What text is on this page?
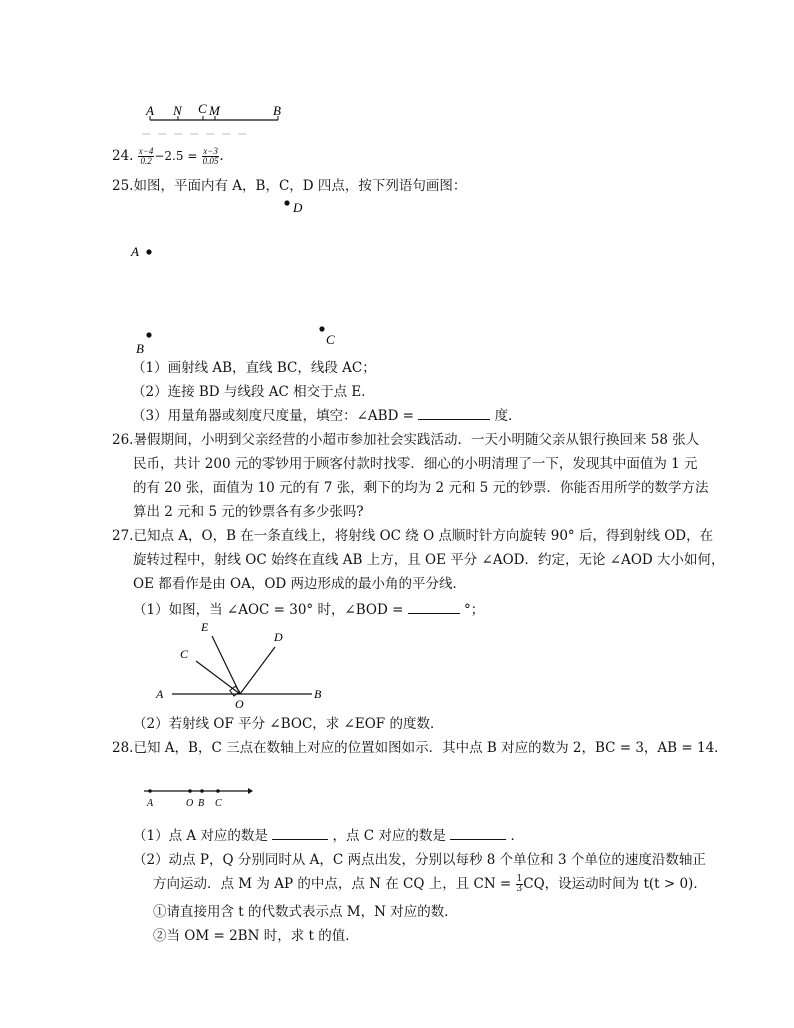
A N C M	B
24. $\frac{x-4}{0.2} -2.5 = \frac{x-3}{0.05}$ .
25.如图，平面内有 A，B，C，D 四点，按下列语句画图：
D
A
B
C
（1）画射线 AB，直线 BC，线段 AC；
（2）连接 BD 与线段 AC 相交于点 E．
（3）用量角器或刻度尺度量，填空：∠ABD =	度．
26.暑假期间，小明到父亲经营的小超市参加社会实践活动．一天小明随父亲从银行换回来 58 张人
民币，共计 200 元的零钞用于顾客付款时找零．细心的小明清理了一下，发现其中面值为 1 元
的有 20 张，面值为 10 元的有 7 张，剩下的均为 2 元和 5 元的钞票．你能否用所学的数学方法
算出 2 元和 5 元的钞票各有多少张吗?
27.已知点 A，O，B 在一条直线上，将射线 OC 绕 O 点顺时针方向旋转 90° 后，得到射线 OD，在
旋转过程中，射线 OC 始终在直线 AB 上方，且 OE 平分 ∠AOD．约定，无论 ∠AOD 大小如何，
OE 都看作是由 OA，OD 两边形成的最小角的平分线．
（1）如图，当 ∠AOC = 30° 时，∠BOD =	°；
A	B
O
C
E
D
（2）若射线 OF 平分 ∠BOC，求 ∠EOF 的度数．
28.已知 A，B，C 三点在数轴上对应的位置如图如示．其中点 B 对应的数为 2，BC = 3，AB = 14．
A	O B C
（1）点 A 对应的数是	，点 C 对应的数是	．
（2）动点 P，Q 分别同时从 A，C 两点出发，分别以每秒 8 个单位和 3 个单位的速度沿数轴正
方向运动．点 M 为 AP 的中点，点 N 在 CQ 上，且 CN = $\frac{1}{3}$ CQ，设运动时间为 t(t > 0)．
①请直接用含 t 的代数式表示点 M，N 对应的数．
②当 OM = 2BN 时，求 t 的值．
